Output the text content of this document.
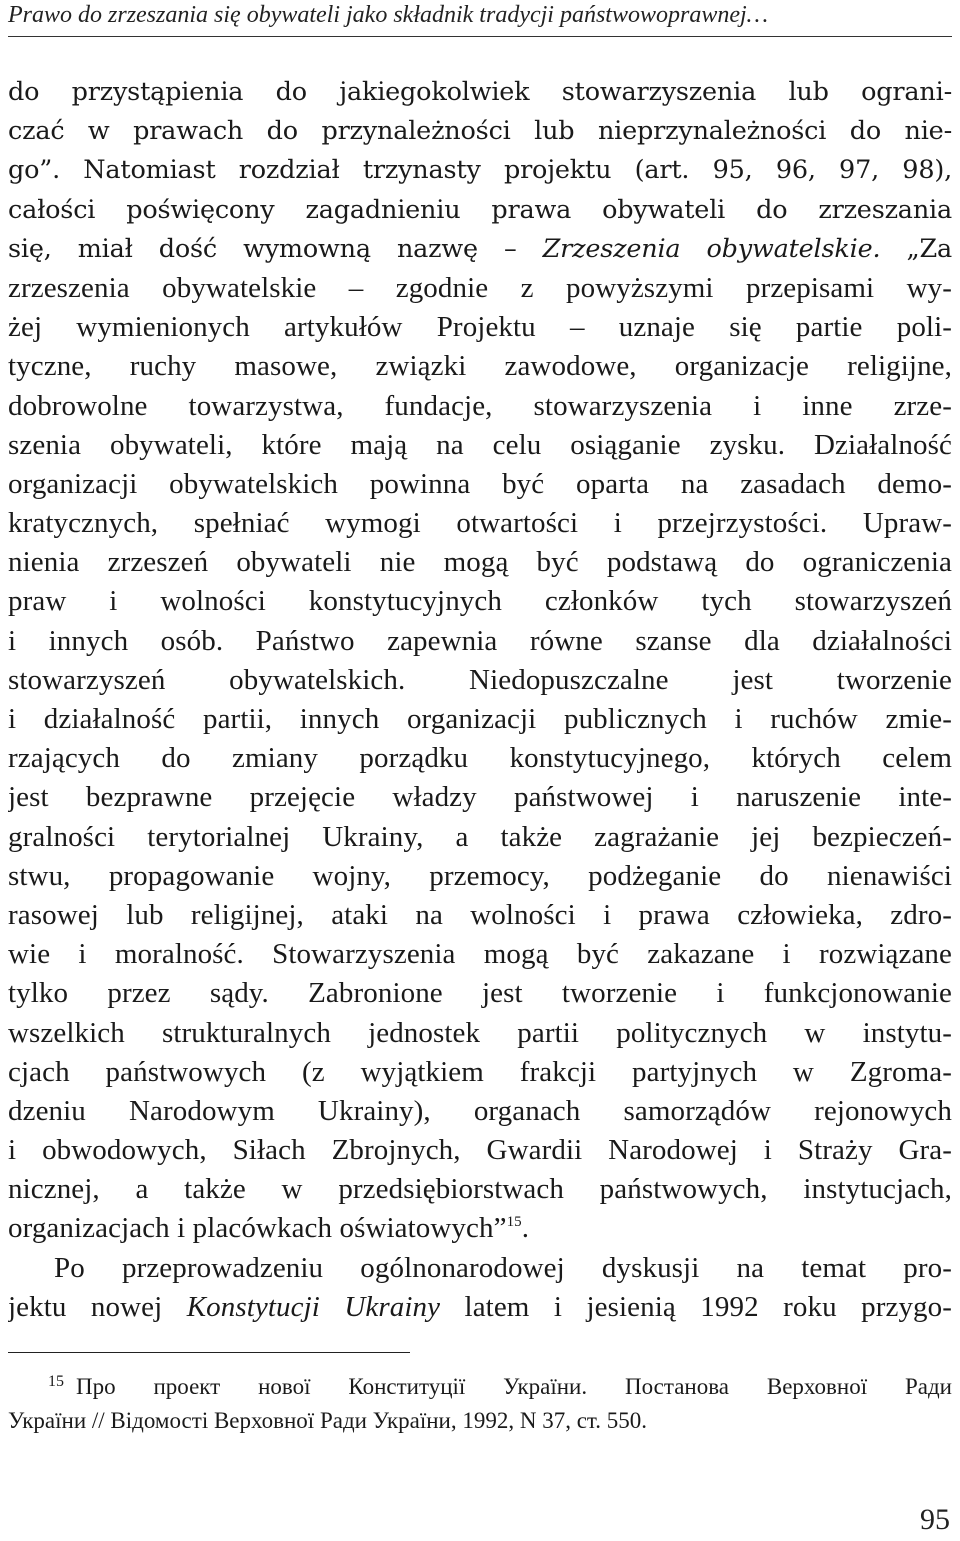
Prawo do zrzeszania się obywateli jako składnik tradycji państwowoprawnej…
do przystąpienia do jakiegokolwiek stowarzyszenia lub ograni-
czać w prawach do przynależności lub nieprzynależności do nie-
go”. Natomiast rozdział trzynasty projektu (art. 95, 96, 97, 98),
całości poświęcony zagadnieniu prawa obywateli do zrzeszania
się, miał dość wymowną nazwę – Zrzeszenia obywatelskie. „Za
zrzeszenia obywatelskie – zgodnie z powyższymi przepisami wy-
żej wymienionych artykułów Projektu – uznaje się partie poli-
tyczne, ruchy masowe, związki zawodowe, organizacje religijne,
dobrowolne towarzystwa, fundacje, stowarzyszenia i inne zrze-
szenia obywateli, które mają na celu osiąganie zysku. Działalność
organizacji obywatelskich powinna być oparta na zasadach demo-
kratycznych, spełniać wymogi otwartości i przejrzystości. Upraw-
nienia zrzeszeń obywateli nie mogą być podstawą do ograniczenia
praw i wolności konstytucyjnych członków tych stowarzyszeń
i innych osób. Państwo zapewnia równe szanse dla działalności
stowarzyszeń obywatelskich. Niedopuszczalne jest tworzenie
i działalność partii, innych organizacji publicznych i ruchów zmie-
rzających do zmiany porządku konstytucyjnego, których celem
jest bezprawne przejęcie władzy państwowej i naruszenie inte-
gralności terytorialnej Ukrainy, a także zagrażanie jej bezpieczeń-
stwu, propagowanie wojny, przemocy, podżeganie do nienawiści
rasowej lub religijnej, ataki na wolności i prawa człowieka, zdro-
wie i moralność. Stowarzyszenia mogą być zakazane i rozwiązane
tylko przez sądy. Zabronione jest tworzenie i funkcjonowanie
wszelkich strukturalnych jednostek partii politycznych w instytu-
cjach państwowych (z wyjątkiem frakcji partyjnych w Zgroma-
dzeniu Narodowym Ukrainy), organach samorządów rejonowych
i obwodowych, Siłach Zbrojnych, Gwardii Narodowej i Straży Gra-
nicznej, a także w przedsiębiorstwach państwowych, instytucjach,
organizacjach i placówkach oświatowych”$^{15}$.
Po przeprowadzeniu ogólnonarodowej dyskusji na temat pro-
jektu nowej Konstytucji Ukrainy latem i jesienią 1992 roku przygo-
$^{15}$ Про проект нової Конституції України. Постанова Верховної Ради
України // Відомості Верховної Ради України, 1992, N 37, ст. 550.
95
